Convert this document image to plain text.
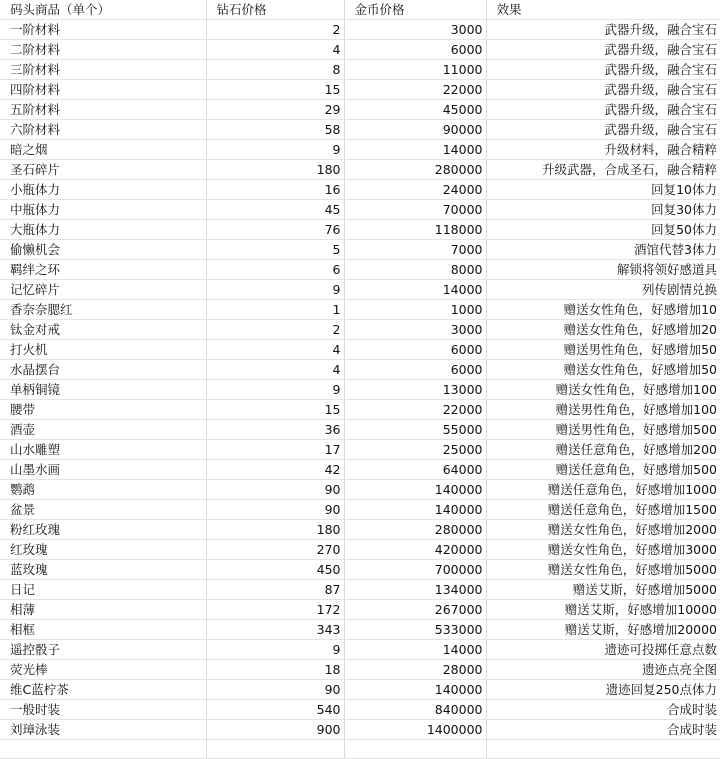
码头商品（单个）	钻石价格	金币价格	效果
一阶材料	2	3000	武器升级，融合宝石
二阶材料	4	6000	武器升级，融合宝石
三阶材料	8	11000	武器升级，融合宝石
四阶材料	15	22000	武器升级，融合宝石
五阶材料	29	45000	武器升级，融合宝石
六阶材料	58	90000	武器升级，融合宝石
暗之烟	9	14000	升级材料，融合精粹
圣石碎片	180	280000	升级武器，合成圣石，融合精粹
小瓶体力	16	24000	回复10体力
中瓶体力	45	70000	回复30体力
大瓶体力	76	118000	回复50体力
偷懒机会	5	7000	酒馆代替3体力
羁绊之环	6	8000	解锁将领好感道具
记忆碎片	9	14000	列传剧情兑换
香奈奈腮红	1	1000	赠送女性角色，好感增加10
钛金对戒	2	3000	赠送女性角色，好感增加20
打火机	4	6000	赠送男性角色，好感增加50
水晶摆台	4	6000	赠送女性角色，好感增加50
单柄铜镜	9	13000	赠送女性角色，好感增加100
腰带	15	22000	赠送男性角色，好感增加100
酒壶	36	55000	赠送男性角色，好感增加500
山水雕塑	17	25000	赠送任意角色，好感增加200
山墨水画	42	64000	赠送任意角色，好感增加500
鹦鹉	90	140000	赠送任意角色，好感增加1000
盆景	90	140000	赠送任意角色，好感增加1500
粉红玫瑰	180	280000	赠送女性角色，好感增加2000
红玫瑰	270	420000	赠送女性角色，好感增加3000
蓝玫瑰	450	700000	赠送女性角色，好感增加5000
日记	87	134000	赠送艾斯，好感增加5000
相薄	172	267000	赠送艾斯，好感增加10000
相框	343	533000	赠送艾斯，好感增加20000
遥控骰子	9	14000	遗迹可投掷任意点数
荧光棒	18	28000	遗迹点亮全图
维C蓝柠茶	90	140000	遗迹回复250点体力
一般时装	540	840000	合成时装
刘璋泳装	900	1400000	合成时装
